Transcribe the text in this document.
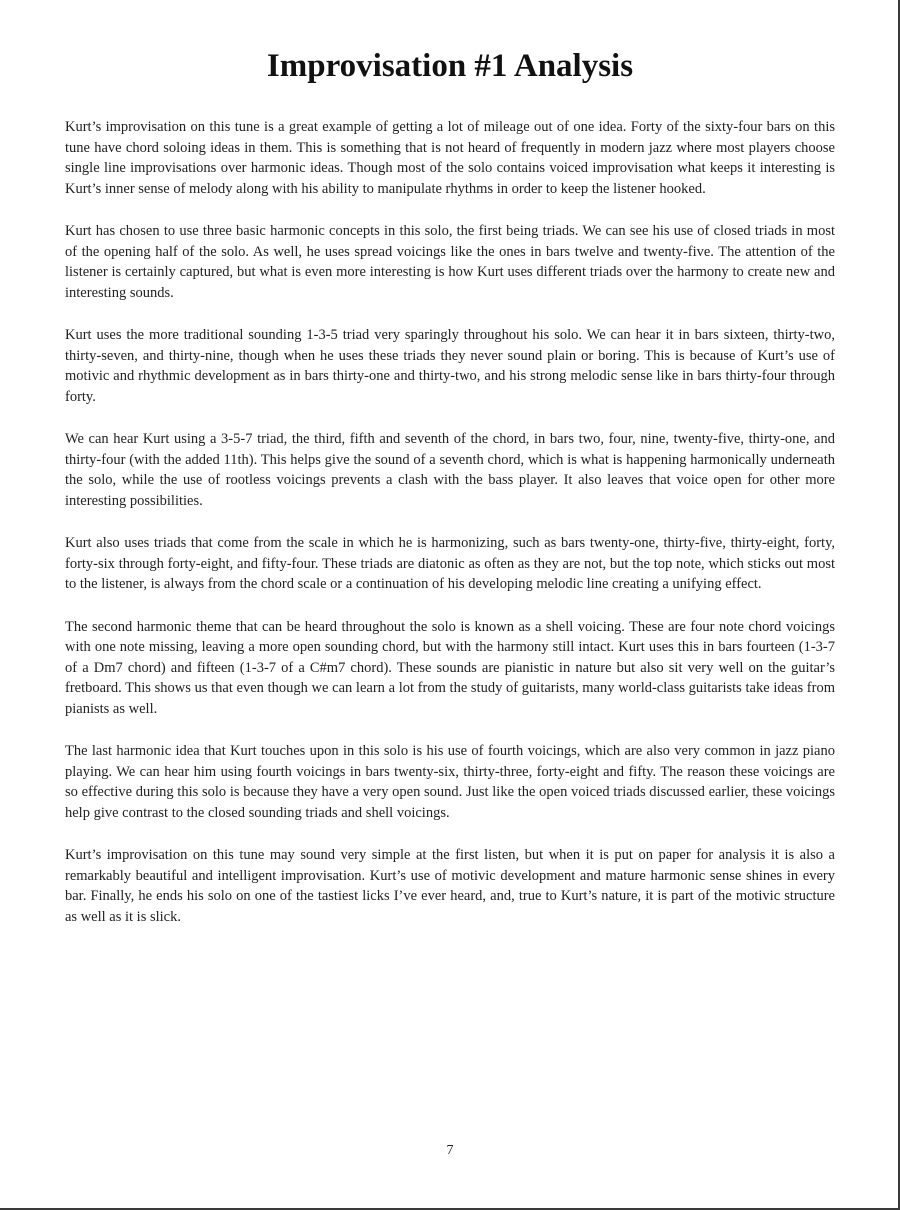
Improvisation #1 Analysis

Kurt’s improvisation on this tune is a great example of getting a lot of mileage out of one idea. Forty of the sixty-four bars on this tune have chord soloing ideas in them. This is something that is not heard of frequently in modern jazz where most players choose single line improvisations over harmonic ideas. Though most of the solo contains voiced improvisation what keeps it interesting is Kurt’s inner sense of melody along with his ability to manipulate rhythms in order to keep the listener hooked.

Kurt has chosen to use three basic harmonic concepts in this solo, the first being triads. We can see his use of closed triads in most of the opening half of the solo. As well, he uses spread voicings like the ones in bars twelve and twenty-five. The attention of the listener is certainly captured, but what is even more interesting is how Kurt uses different triads over the harmony to create new and interesting sounds.

Kurt uses the more traditional sounding 1-3-5 triad very sparingly throughout his solo. We can hear it in bars sixteen, thirty-two, thirty-seven, and thirty-nine, though when he uses these triads they never sound plain or boring. This is because of Kurt’s use of motivic and rhythmic development as in bars thirty-one and thirty-two, and his strong melodic sense like in bars thirty-four through forty.

We can hear Kurt using a 3-5-7 triad, the third, fifth and seventh of the chord, in bars two, four, nine, twenty-five, thirty-one, and thirty-four (with the added 11th). This helps give the sound of a seventh chord, which is what is happening harmonically underneath the solo, while the use of rootless voicings prevents a clash with the bass player. It also leaves that voice open for other more interesting possibilities.

Kurt also uses triads that come from the scale in which he is harmonizing, such as bars twenty-one, thirty-five, thirty-eight, forty, forty-six through forty-eight, and fifty-four. These triads are diatonic as often as they are not, but the top note, which sticks out most to the listener, is always from the chord scale or a continuation of his developing melodic line creating a unifying effect.

The second harmonic theme that can be heard throughout the solo is known as a shell voicing. These are four note chord voicings with one note missing, leaving a more open sounding chord, but with the harmony still intact. Kurt uses this in bars fourteen (1-3-7 of a Dm7 chord) and fifteen (1-3-7 of a C#m7 chord). These sounds are pianistic in nature but also sit very well on the guitar’s fretboard. This shows us that even though we can learn a lot from the study of guitarists, many world-class guitarists take ideas from pianists as well.

The last harmonic idea that Kurt touches upon in this solo is his use of fourth voicings, which are also very common in jazz piano playing. We can hear him using fourth voicings in bars twenty-six, thirty-three, forty-eight and fifty. The reason these voicings are so effective during this solo is because they have a very open sound. Just like the open voiced triads discussed earlier, these voicings help give contrast to the closed sounding triads and shell voicings.

Kurt’s improvisation on this tune may sound very simple at the first listen, but when it is put on paper for analysis it is also a remarkably beautiful and intelligent improvisation. Kurt’s use of motivic development and mature harmonic sense shines in every bar. Finally, he ends his solo on one of the tastiest licks I’ve ever heard, and, true to Kurt’s nature, it is part of the motivic structure as well as it is slick.

7
